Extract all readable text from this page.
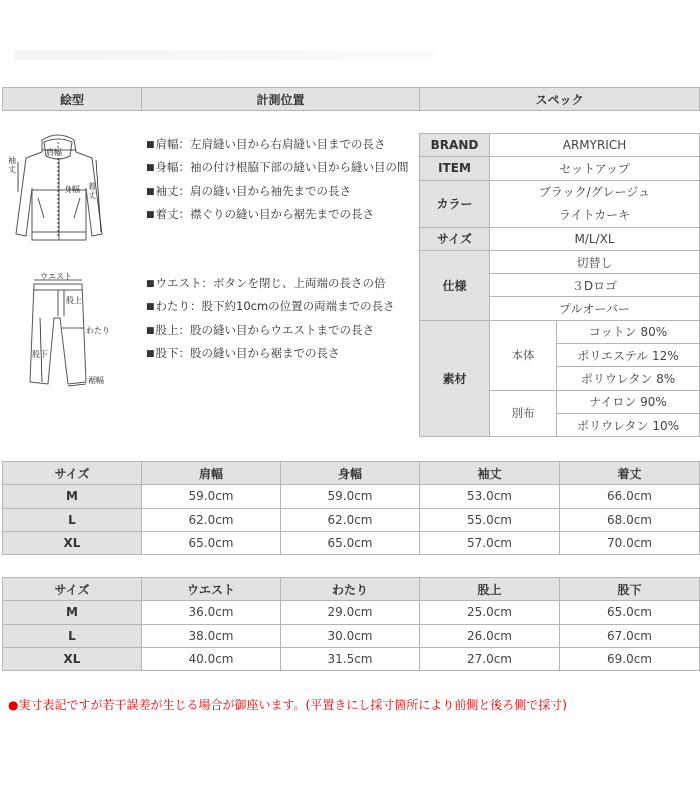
絵型	計測位置	スペック
肩幅
袖丈
身幅 着丈
■ 肩幅：左肩縫い目から右肩縫い目までの長さ
■ 身幅：袖の付け根脇下部の縫い目から縫い目の間
■ 袖丈：肩の縫い目から袖先までの長さ
■ 着丈：襟ぐりの縫い目から裾先までの長さ
ウエスト
股上
わたり
股下
裾幅
■ ウエスト：ボタンを閉じ、上両端の長さの倍
■ わたり：股下約10cmの位置の両端までの長さ
■ 股上：股の縫い目からウエストまでの長さ
■ 股下：股の縫い目から裾までの長さ
BRAND	ARMYRICH	
ITEM	セットアップ	
カラー	ブラック/グレージュ
ライトカーキ	

サイズ	M/L/XL	
仕様	切替し	
	３Dロゴ	
	プルオーバー	
素材	本体	コットン 80%
		ポリエステル 12%
		ポリウレタン 8%
	別布	ナイロン 90%
		ポリウレタン 10%
サイズ	肩幅	身幅	袖丈	着丈
M	59.0cm	59.0cm	53.0cm	66.0cm
L	62.0cm	62.0cm	55.0cm	68.0cm
XL	65.0cm	65.0cm	57.0cm	70.0cm
サイズ	ウエスト	わたり	股上	股下
M	36.0cm	29.0cm	25.0cm	65.0cm
L	38.0cm	30.0cm	26.0cm	67.0cm
XL	40.0cm	31.5cm	27.0cm	69.0cm
●実寸表記ですが若干誤差が生じる場合が御座います。(平置きにし採寸箇所により前側と後ろ側で採寸)
